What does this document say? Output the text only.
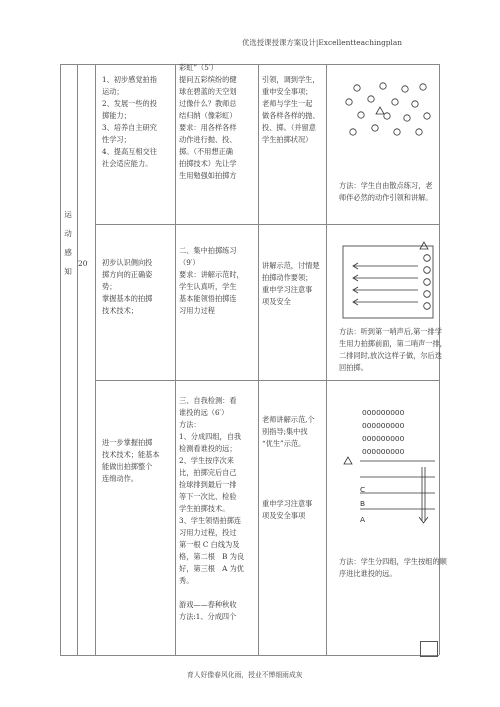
优选授课授课方案设计|Excellentteachingplan
运
动
感
知
20′
1、初步感觉拍指
运动；
2、发展一些的投
掷能力；
3、培养自主研究
性学习；
4、提高互相交往
社会适应能力。
彩虹”（5′）
提问五彩缤纷的健
球在碧蓝的天空划
过像什么？教师总
结归纳（像彩虹）
要求：用各样各样
动作进行抛、投、
掷。（不用想正确
拍掷技术）先让学
生用勉强如拍掷方
引领，调到学生，
重申安全事项；
老师与学生一起
做各样各样的抛、
投、掷。（并留意
学生拍掷状况）
方法：学生自由散点练习，老师伴必然的动作引领和讲解。
初步认识侧向投
掷方向的正确姿
势；
掌握基本的拍掷
技术技术；
二、集中拍掷练习
（9′）
要求：讲解示范时，
学生认真听，学生
基本能领悟拍掷连
习用力过程
讲解示范，讨情楚
拍掷动作要领；
重申学习注意事
项及安全
方法：听到第一哨声后,第一排学
生用力拍掷前面，第二哨声一排，
二排同时,放次这样子做，尔后迭
回拍掷。
进一步掌握拍掷
技术技术；能基本
能做出拍掷整个
连绵动作。
三、自我检测：看
谁投的远（6′）
方法：
1、分成四组，自我
检测看谁投的远；
2、学生按序次来
比，拍掷完后自己
捡球排到最后一排
等下一次比、检验
学生拍掷技术。
3、学生领悟拍掷连
习用力过程，投过
第一根 C 白线为及
格，第二根　B 为良
好，第三根　A 为优
秀。

游戏——春种秋收
方法:1、分成四个
老师讲解示范,个
别指导;集中找
“优生”示范。

重申学习注意事
项及安全事项
000000000
000000000
000000000
000000000
C
B
A
方法：学生分四组，学生按组的顺
序进比谁投的远。
育人好像春风化雨，授业不惮细雨成灰
